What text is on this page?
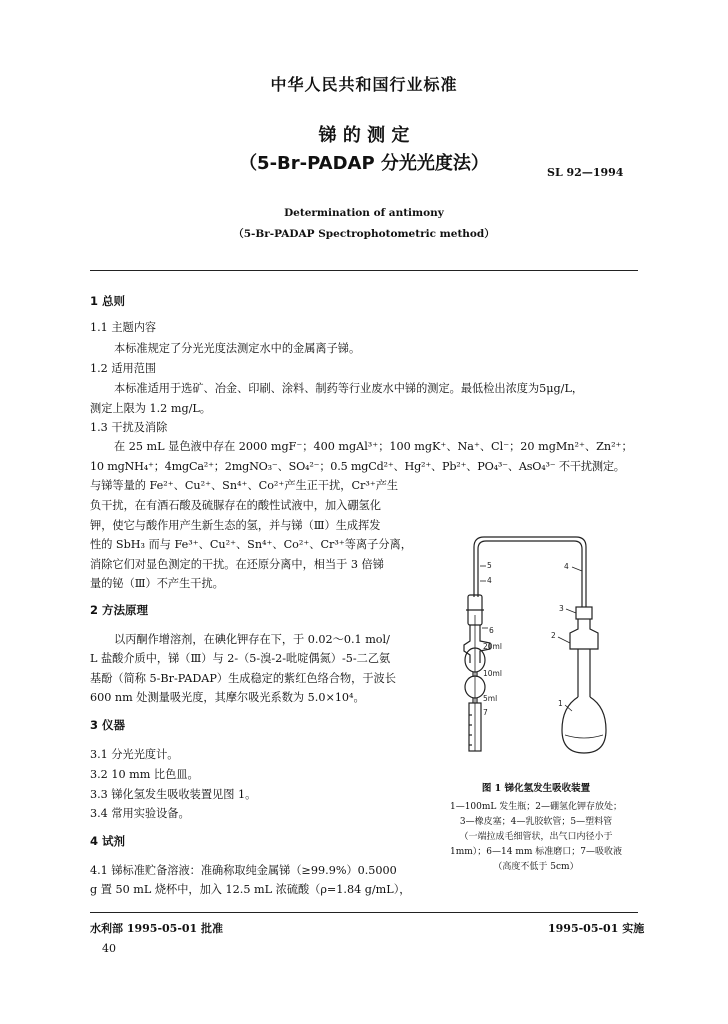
中华人民共和国行业标准
锑 的 测 定
（5-Br-PADAP 分光光度法）	SL 92—1994
Determination of antimony
（5-Br-PADAP Spectrophotometric method）
1 总则
1.1 主题内容
本标准规定了分光光度法测定水中的金属离子锑。
1.2 适用范围
本标准适用于选矿、冶金、印刷、涂料、制药等行业废水中锑的测定。最低检出浓度为5μg/L，
测定上限为 1.2 mg/L。
1.3 干扰及消除
在 25 mL 显色液中存在 2000 mgF⁻；400 mgAl³⁺；100 mgK⁺、Na⁺、Cl⁻；20 mgMn²⁺、Zn²⁺；
10 mgNH₄⁺；4mgCa²⁺；2mgNO₃⁻、SO₄²⁻；0.5 mgCd²⁺、Hg²⁺、Pb²⁺、PO₄³⁻、AsO₄³⁻ 不干扰测定。
与锑等量的 Fe²⁺、Cu²⁺、Sn⁴⁺、Co²⁺产生正干扰，Cr³⁺产生
负干扰，在有酒石酸及硫脲存在的酸性试液中，加入硼氢化
钾，使它与酸作用产生新生态的氢，并与锑（Ⅲ）生成挥发
性的 SbH₃ 而与 Fe³⁺、Cu²⁺、Sn⁴⁺、Co²⁺、Cr³⁺等离子分离，
消除它们对显色测定的干扰。在还原分离中，相当于 3 倍锑
量的铋（Ⅲ）不产生干扰。
2 方法原理
以丙酮作增溶剂，在碘化钾存在下，于 0.02～0.1 mol/
L 盐酸介质中，锑（Ⅲ）与 2-（5-溴-2-吡啶偶氮）-5-二乙氨
基酚（简称 5-Br-PADAP）生成稳定的紫红色络合物，于波长
600 nm 处测量吸光度，其摩尔吸光系数为 5.0×10⁴。
3 仪器
3.1 分光光度计。
3.2 10 mm 比色皿。
3.3 锑化氢发生吸收装置见图 1。
3.4 常用实验设备。
4 试剂
4.1 锑标准贮备溶液：准确称取纯金属锑（≥99.9%）0.5000
g 置 50 mL 烧杯中，加入 12.5 mL 浓硫酸（ρ=1.84 g/mL），
5
4
6
20ml
10ml
5ml
7
4
3
2
1
图 1 锑化氢发生吸收装置
1—100mL 发生瓶；2—硼氢化钾存放处；
3—橡皮塞；4—乳胶软管；5—塑料管
（一端拉成毛细管状，出气口内径小于
1mm）；6—14 mm 标准磨口；7—吸收液
（高度不低于 5cm）
水利部 1995-05-01 批准	1995-05-01 实施
40
